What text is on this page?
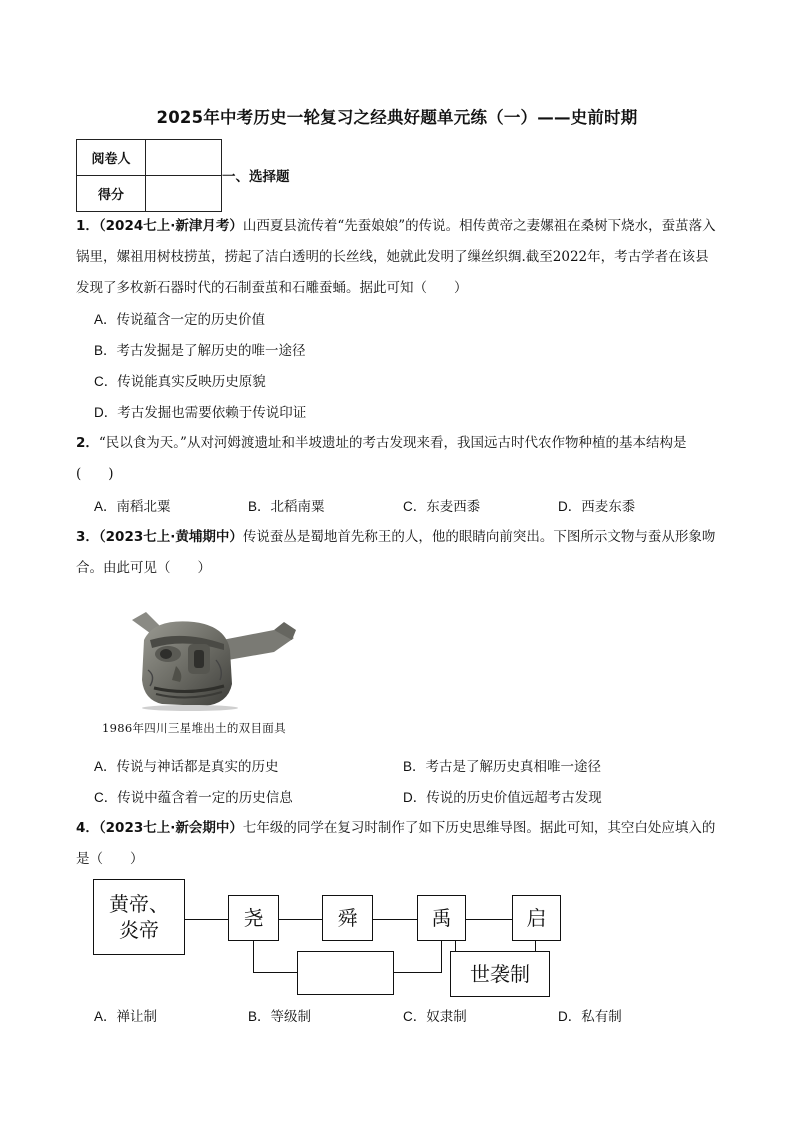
2025年中考历史一轮复习之经典好题单元练（一）——史前时期
阅卷人	
得分	
一、选择题

1．（2024七上·新津月考）山西夏县流传着“先蚕娘娘”的传说。相传黄帝之妻嫘祖在桑树下烧水，蚕茧落入锅里，嫘祖用树枝捞茧，捞起了洁白透明的长丝线，她就此发明了缫丝织绸.截至2022年，考古学者在该县发现了多枚新石器时代的石制蚕茧和石雕蚕蛹。据此可知（　　）

A．传说蕴含一定的历史价值
B．考古发掘是了解历史的唯一途径
C．传说能真实反映历史原貌
D．考古发掘也需要依赖于传说印证

2．“民以食为天。”从对河姆渡遗址和半坡遗址的考古发现来看，我国远古时代农作物种植的基本结构是(　　)

A．南稻北粟	B．北稻南粟	C．东麦西黍	D．西麦东黍

3．（2023七上·黄埔期中）传说蚕丛是蜀地首先称王的人，他的眼睛向前突出。下图所示文物与蚕从形象吻合。由此可见（　　）

1986年四川三星堆出土的双目面具
A．传说与神话都是真实的历史	B．考古是了解历史真相唯一途径
C．传说中蕴含着一定的历史信息	D．传说的历史价值远超考古发现

4．（2023七上·新会期中）七年级的同学在复习时制作了如下历史思维导图。据此可知，其空白处应填入的是（　　）

黄帝、
炎帝	尧	舜	禹	启
世袭制
A．禅让制	B．等级制	C．奴隶制	D．私有制
